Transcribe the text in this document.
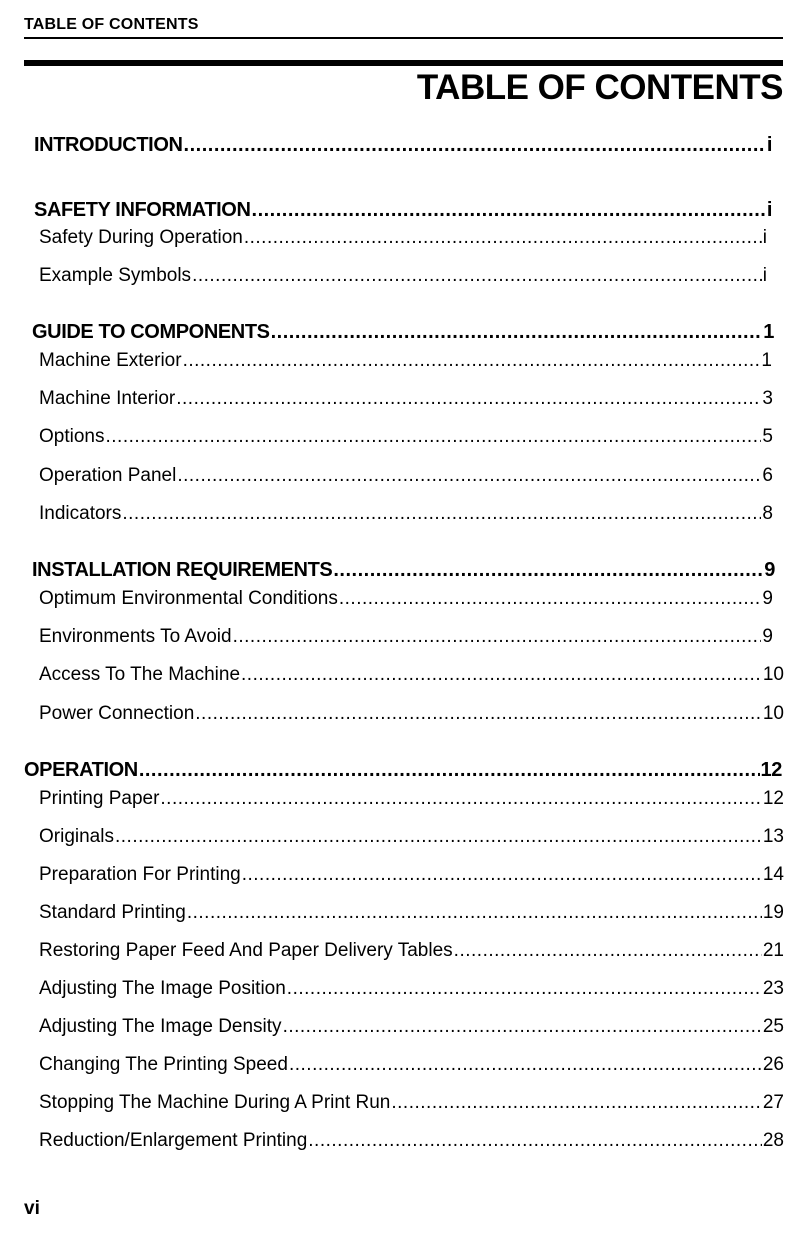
TABLE OF CONTENTS
TABLE OF CONTENTS
INTRODUCTION .....	i
SAFETY INFORMATION .....	i
Safety During Operation .....	i
Example Symbols .....	i
GUIDE TO COMPONENTS .....	1
Machine Exterior .....	1
Machine Interior .....	3
Options .....	5
Operation Panel .....	6
Indicators .....	8
INSTALLATION REQUIREMENTS .....	9
Optimum Environmental Conditions .....	9
Environments To Avoid .....	9
Access To The Machine .....	10
Power Connection .....	10
OPERATION .....	12
Printing Paper .....	12
Originals .....	13
Preparation For Printing .....	14
Standard Printing .....	19
Restoring Paper Feed And Paper Delivery Tables .....	21
Adjusting The Image Position .....	23
Adjusting The Image Density .....	25
Changing The Printing Speed .....	26
Stopping The Machine During A Print Run .....	27
Reduction/Enlargement Printing .....	28
vi
